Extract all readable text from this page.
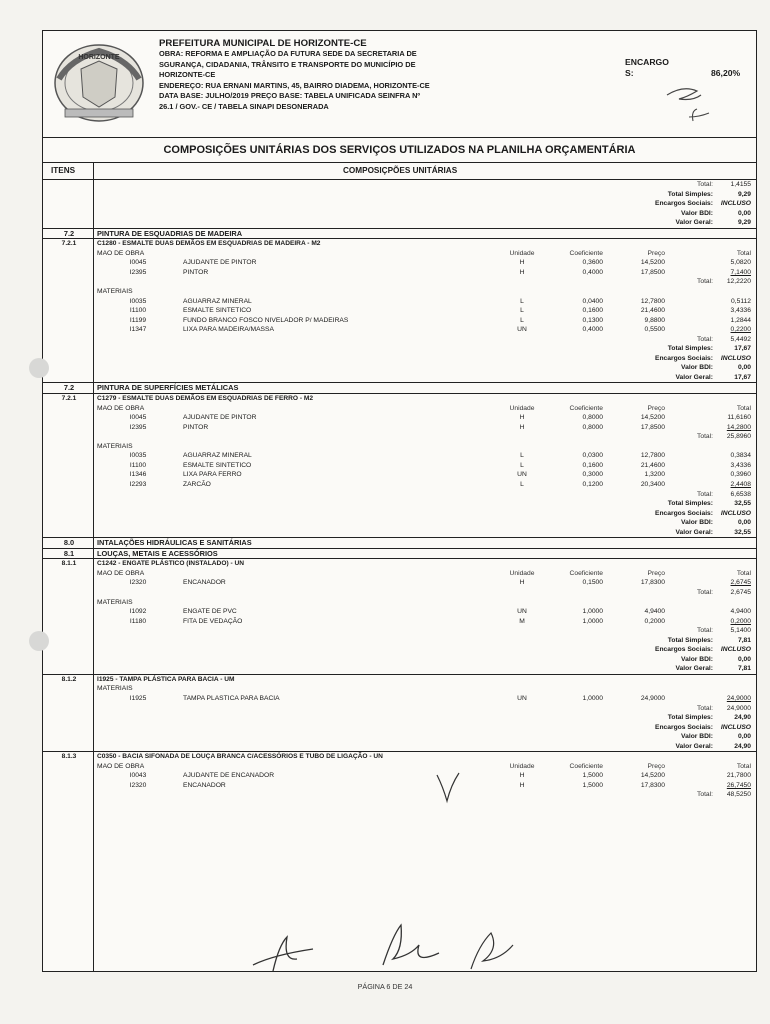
HORIZONTE
PREFEITURA MUNICIPAL DE HORIZONTE-CE
OBRA: REFORMA E AMPLIAÇÃO DA FUTURA SEDE DA SECRETARIA DE
SGURANÇA, CIDADANIA, TRÂNSITO E TRANSPORTE DO MUNICÍPIO DE
HORIZONTE-CE
ENDEREÇO: RUA ERNANI MARTINS, 45, BAIRRO DIADEMA, HORIZONTE-CE
DATA BASE: JULHO/2019 PREÇO BASE: TABELA UNIFICADA SEINFRA Nº
26.1 / GOV.- CE / TABELA SINAPI DESONERADA
ENCARGO
S:	86,20%
COMPOSIÇÕES UNITÁRIAS DOS SERVIÇOS UTILIZADOS NA PLANILHA ORÇAMENTÁRIA
ITENS	COMPOSIÇPÕES UNITÁRIAS
Total:	1,4155
Total Simples:	9,29
Encargos Sociais:	INCLUSO
Valor BDI:	0,00
Valor Geral:	9,29
7.2	PINTURA DE ESQUADRIAS DE MADEIRA
7.2.1	C1280 - ESMALTE DUAS DEMÃOS EM ESQUADRIAS DE MADEIRA - M2
MAO DE OBRA	Unidade	Coeficiente	Preço	Total
I0045	AJUDANTE DE PINTOR	H	0,3600	14,5200	5,0820
I2395	PINTOR	H	0,4000	17,8500	7,1400
Total:	12,2220
MATERIAIS
I0035	AGUARRAZ MINERAL	L	0,0400	12,7800	0,5112
I1100	ESMALTE SINTETICO	L	0,1600	21,4600	3,4336
I1199	FUNDO BRANCO FOSCO NIVELADOR P/ MADEIRAS	L	0,1300	9,8800	1,2844
I1347	LIXA PARA MADEIRA/MASSA	UN	0,4000	0,5500	0,2200
Total:	5,4492
Total Simples:	17,67
Encargos Sociais:	INCLUSO
Valor BDI:	0,00
Valor Geral:	17,67
7.2	PINTURA DE SUPERFÍCIES METÁLICAS
7.2.1	C1279 - ESMALTE DUAS DEMÃOS EM ESQUADRIAS DE FERRO - M2
MAO DE OBRA	Unidade	Coeficiente	Preço	Total
I0045	AJUDANTE DE PINTOR	H	0,8000	14,5200	11,6160
I2395	PINTOR	H	0,8000	17,8500	14,2800
Total:	25,8960
MATERIAIS
I0035	AGUARRAZ MINERAL	L	0,0300	12,7800	0,3834
I1100	ESMALTE SINTETICO	L	0,1600	21,4600	3,4336
I1346	LIXA PARA FERRO	UN	0,3000	1,3200	0,3960
I2293	ZARCÃO	L	0,1200	20,3400	2,4408
Total:	6,6538
Total Simples:	32,55
Encargos Sociais:	INCLUSO
Valor BDI:	0,00
Valor Geral:	32,55
8.0	INTALAÇÕES HIDRÁULICAS E SANITÁRIAS
8.1	LOUÇAS, METAIS E ACESSÓRIOS
8.1.1	C1242 - ENGATE PLÁSTICO (INSTALADO) - UN
MAO DE OBRA	Unidade	Coeficiente	Preço	Total
I2320	ENCANADOR	H	0,1500	17,8300	2,6745
Total:	2,6745
MATERIAIS
I1092	ENGATE DE PVC	UN	1,0000	4,9400	4,9400
I1180	FITA DE VEDAÇÃO	M	1,0000	0,2000	0,2000
Total:	5,1400
Total Simples:	7,81
Encargos Sociais:	INCLUSO
Valor BDI:	0,00
Valor Geral:	7,81
8.1.2	I1925 - TAMPA PLÁSTICA PARA BACIA - UM
MATERIAIS
I1925	TAMPA PLASTICA PARA BACIA	UN	1,0000	24,9000	24,9000
Total:	24,9000
Total Simples:	24,90
Encargos Sociais:	INCLUSO
Valor BDI:	0,00
Valor Geral:	24,90
8.1.3	C0350 - BACIA SIFONADA DE LOUÇA BRANCA C/ACESSÓRIOS E TUBO DE LIGAÇÃO - UN
MAO DE OBRA	Unidade	Coeficiente	Preço	Total
I0043	AJUDANTE DE ENCANADOR	H	1,5000	14,5200	21,7800
I2320	ENCANADOR	H	1,5000	17,8300	26,7450
Total:	48,5250
PÁGINA 6 DE 24
